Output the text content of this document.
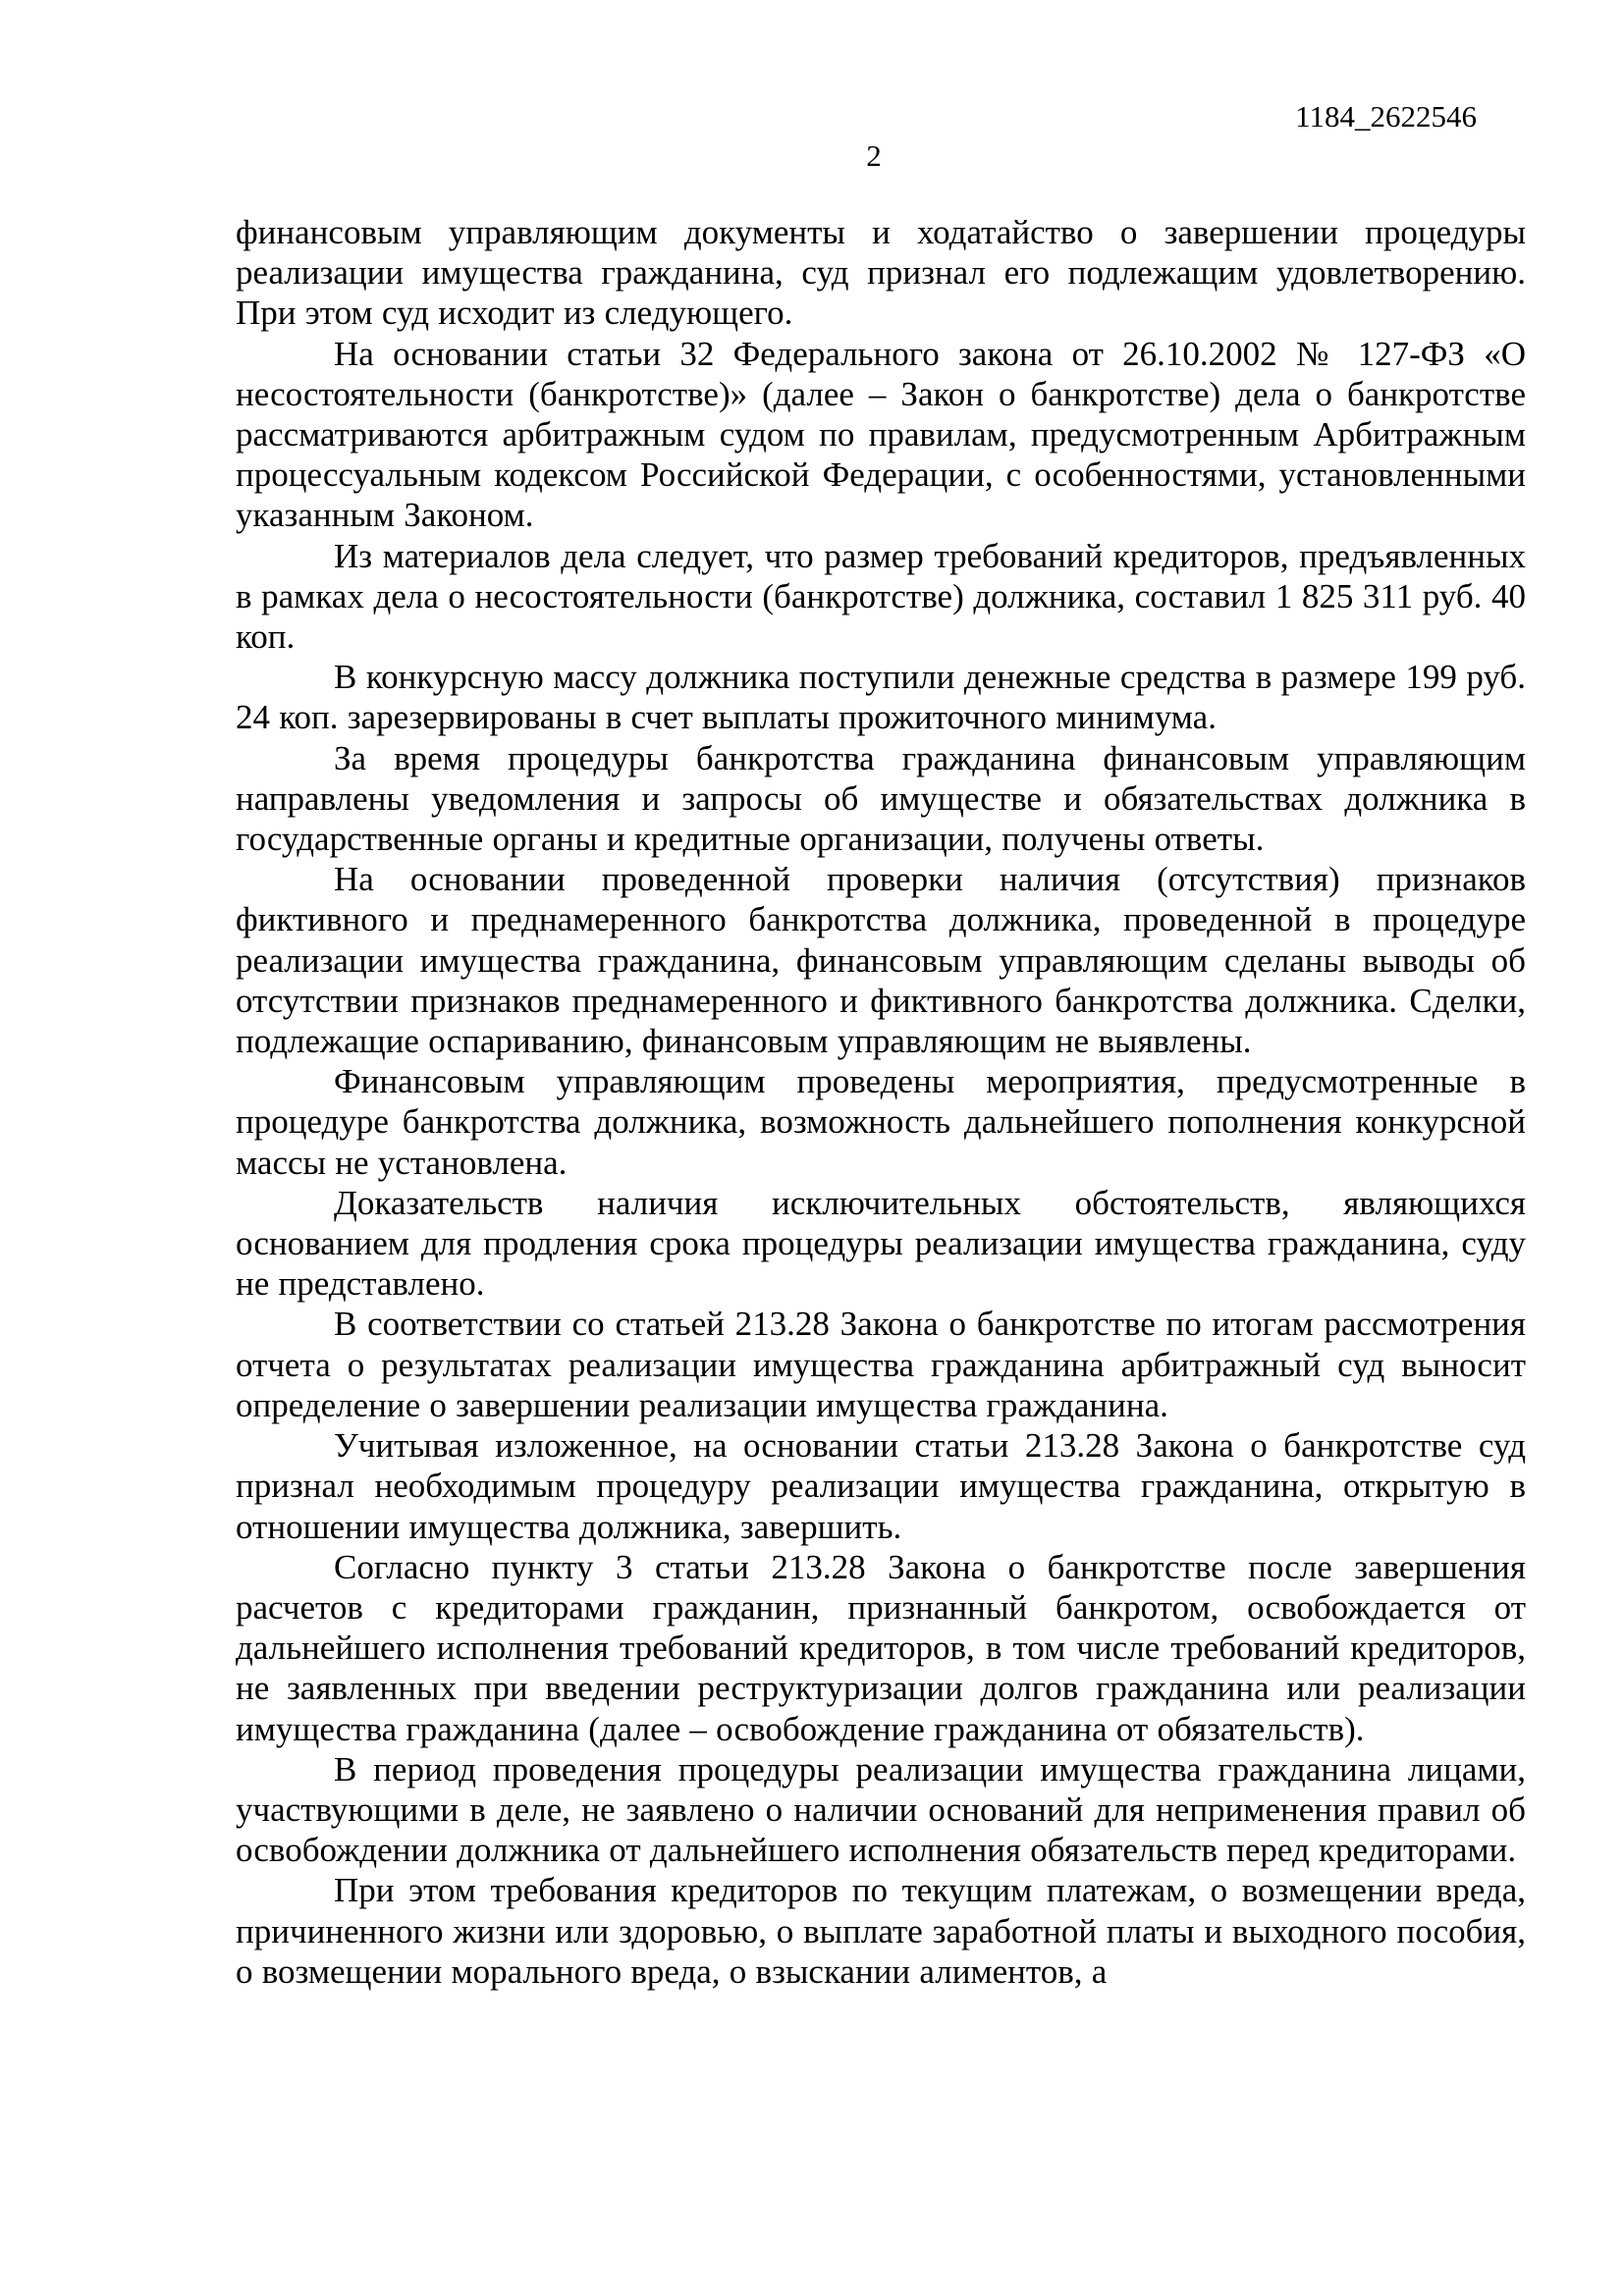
1184_2622546
2

финансовым управляющим документы и ходатайство о завершении процедуры реализации имущества гражданина, суд признал его подлежащим удовлетворению. При этом суд исходит из следующего.

На основании статьи 32 Федерального закона от 26.10.2002 № 127-ФЗ «О несостоятельности (банкротстве)» (далее – Закон о банкротстве) дела о банкротстве рассматриваются арбитражным судом по правилам, предусмотренным Арбитражным процессуальным кодексом Российской Федерации, с особенностями, установленными указанным Законом.

Из материалов дела следует, что размер требований кредиторов, предъявленных в рамках дела о несостоятельности (банкротстве) должника, составил 1 825 311 руб. 40 коп.

В конкурсную массу должника поступили денежные средства в размере 199 руб. 24 коп. зарезервированы в счет выплаты прожиточного минимума.

За время процедуры банкротства гражданина финансовым управляющим направлены уведомления и запросы об имуществе и обязательствах должника в государственные органы и кредитные организации, получены ответы.

На основании проведенной проверки наличия (отсутствия) признаков фиктивного и преднамеренного банкротства должника, проведенной в процедуре реализации имущества гражданина, финансовым управляющим сделаны выводы об отсутствии признаков преднамеренного и фиктивного банкротства должника. Сделки, подлежащие оспариванию, финансовым управляющим не выявлены.

Финансовым управляющим проведены мероприятия, предусмотренные в процедуре банкротства должника, возможность дальнейшего пополнения конкурсной массы не установлена.

Доказательств наличия исключительных обстоятельств, являющихся основанием для продления срока процедуры реализации имущества гражданина, суду не представлено.

В соответствии со статьей 213.28 Закона о банкротстве по итогам рассмотрения отчета о результатах реализации имущества гражданина арбитражный суд выносит определение о завершении реализации имущества гражданина.

Учитывая изложенное, на основании статьи 213.28 Закона о банкротстве суд признал необходимым процедуру реализации имущества гражданина, открытую в отношении имущества должника, завершить.

Согласно пункту 3 статьи 213.28 Закона о банкротстве после завершения расчетов с кредиторами гражданин, признанный банкротом, освобождается от дальнейшего исполнения требований кредиторов, в том числе требований кредиторов, не заявленных при введении реструктуризации долгов гражданина или реализации имущества гражданина (далее – освобождение гражданина от обязательств).

В период проведения процедуры реализации имущества гражданина лицами, участвующими в деле, не заявлено о наличии оснований для неприменения правил об освобождении должника от дальнейшего исполнения обязательств перед кредиторами.

При этом требования кредиторов по текущим платежам, о возмещении вреда, причиненного жизни или здоровью, о выплате заработной платы и выходного пособия, о возмещении морального вреда, о взыскании алиментов, а
